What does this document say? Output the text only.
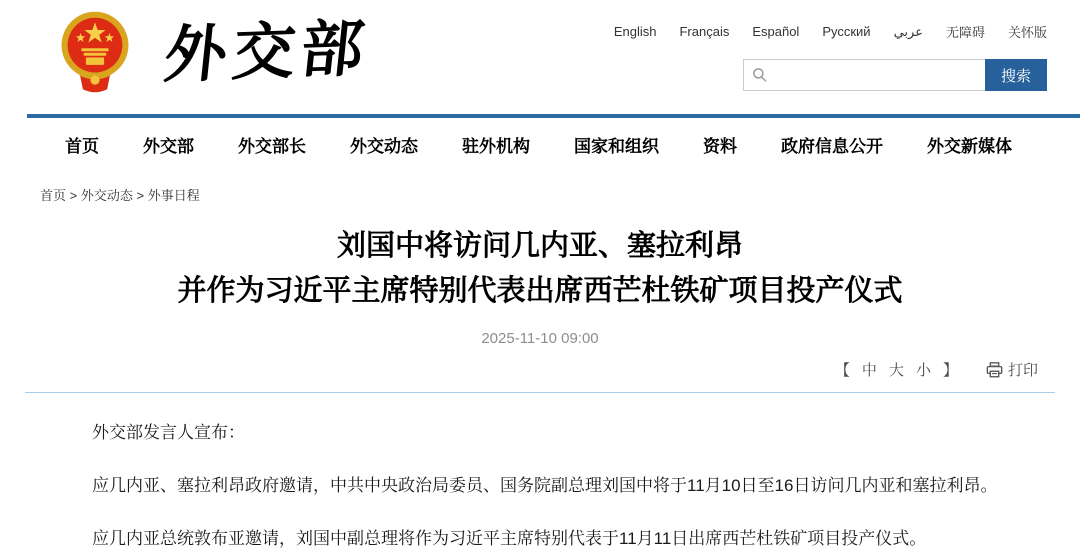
外交部	English Français Español Русский عربي 无障碍 关怀版
搜索
首页	外交部	外交部长	外交动态	驻外机构	国家和组织	资料	政府信息公开	外交新媒体
首页 > 外交动态 > 外事日程
刘国中将访问几内亚、塞拉利昂
并作为习近平主席特别代表出席西芒杜铁矿项目投产仪式
2025-11-10 09:00
【 中 大 小 】	打印

外交部发言人宣布：

应几内亚、塞拉利昂政府邀请，中共中央政治局委员、国务院副总理刘国中将于11月10日至16日访问几内亚和塞拉利昂。

应几内亚总统敦布亚邀请，刘国中副总理将作为习近平主席特别代表于11月11日出席西芒杜铁矿项目投产仪式。
